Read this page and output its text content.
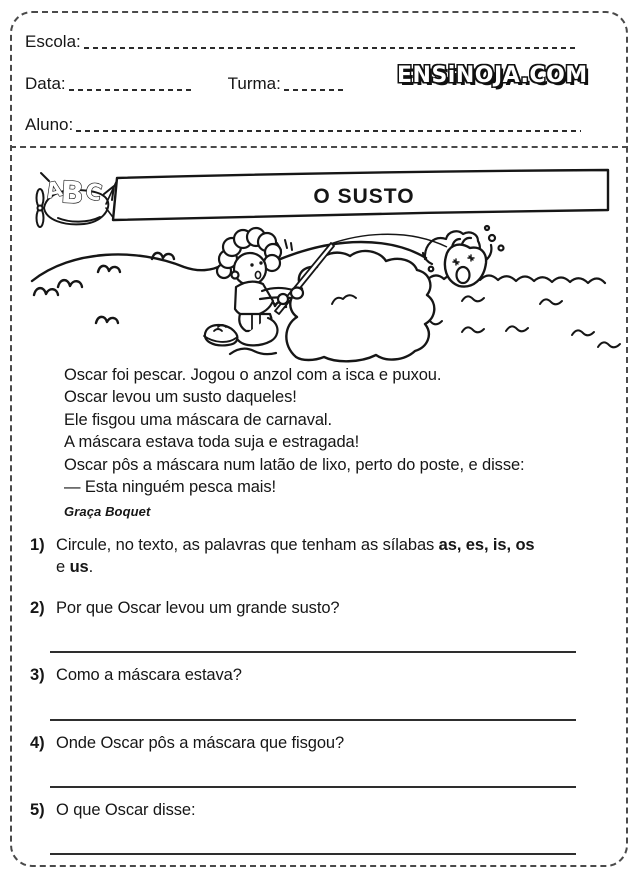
Escola:
Data:	Turma:	ENSiNOJA.COM
Aluno:
A
B
C	O SUSTO
Oscar foi pescar. Jogou o anzol com a isca e puxou.
Oscar levou um susto daqueles!
Ele fisgou uma máscara de carnaval.
A máscara estava toda suja e estragada!
Oscar pôs a máscara num latão de lixo, perto do poste, e disse:
— Esta ninguém pesca mais!
Graça Boquet
1) Circule, no texto, as palavras que tenham as sílabas as, es, is, os
e us.
2) Por que Oscar levou um grande susto?
3) Como a máscara estava?
4) Onde Oscar pôs a máscara que fisgou?
5) O que Oscar disse:
